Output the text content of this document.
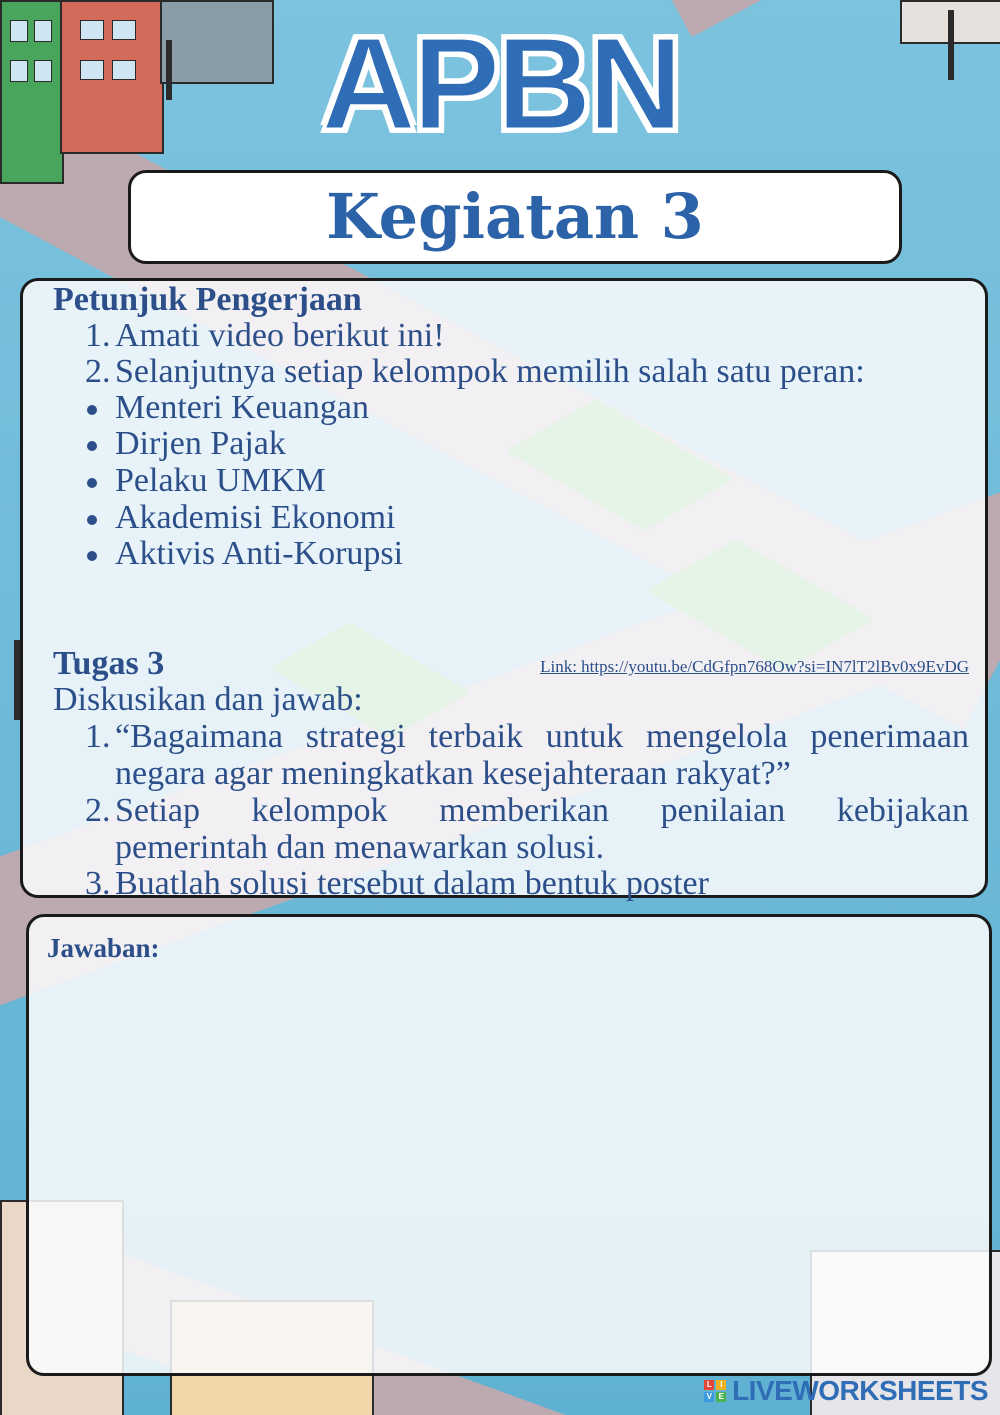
APBN
Kegiatan 3
Petunjuk Pengerjaan
1. Amati video berikut ini!
2. Selanjutnya setiap kelompok memilih salah satu peran:
Menteri Keuangan
Dirjen Pajak
Pelaku UMKM
Akademisi Ekonomi
Aktivis Anti-Korupsi
Tugas 3	Link: https://youtu.be/CdGfpn768Ow?si=IN7lT2lBv0x9EvDG
Diskusikan dan jawab:
1. “Bagaimana strategi terbaik untuk mengelola penerimaan
negara agar meningkatkan kesejahteraan rakyat?”
2. Setiap kelompok memberikan penilaian kebijakan
pemerintah dan menawarkan solusi.
3. Buatlah solusi tersebut dalam bentuk poster
Jawaban:
L	I
V E LIVEWORKSHEETS
